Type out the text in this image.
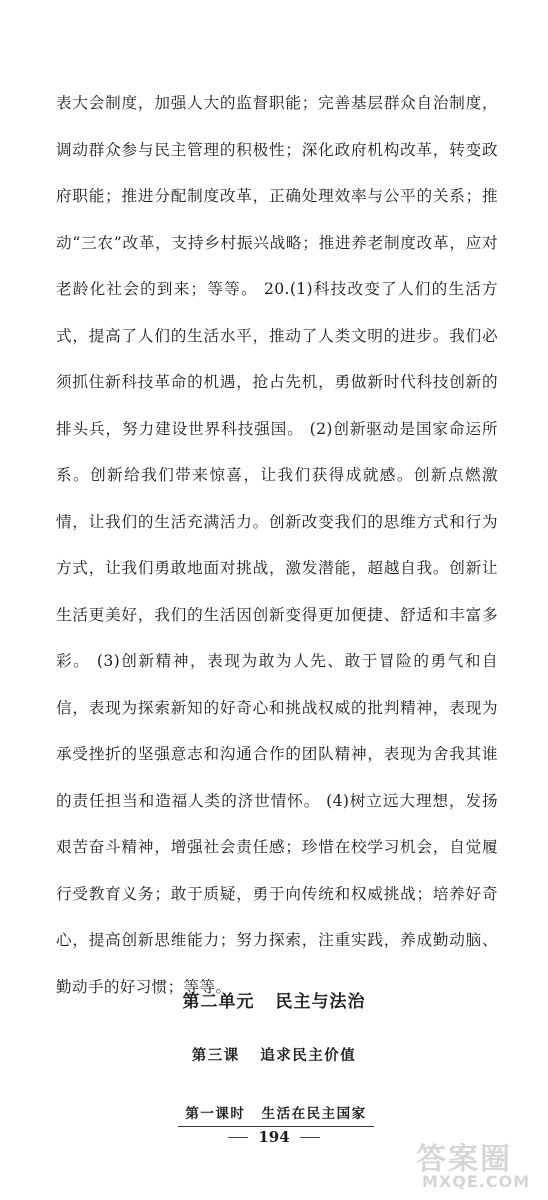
表大会制度，加强人大的监督职能；完善基层群众自治制度，调动群众参与民主管理的积极性；深化政府机构改革，转变政府职能；推进分配制度改革，正确处理效率与公平的关系；推动“三农”改革，支持乡村振兴战略；推进养老制度改革，应对老龄化社会的到来；等等。 20.(1)科技改变了人们的生活方式，提高了人们的生活水平，推动了人类文明的进步。我们必须抓住新科技革命的机遇，抢占先机，勇做新时代科技创新的排头兵，努力建设世界科技强国。 (2)创新驱动是国家命运所系。创新给我们带来惊喜，让我们获得成就感。创新点燃激情，让我们的生活充满活力。创新改变我们的思维方式和行为方式，让我们勇敢地面对挑战，激发潜能，超越自我。创新让生活更美好，我们的生活因创新变得更加便捷、舒适和丰富多彩。 (3)创新精神，表现为敢为人先、敢于冒险的勇气和自信，表现为探索新知的好奇心和挑战权威的批判精神，表现为承受挫折的坚强意志和沟通合作的团队精神，表现为舍我其谁的责任担当和造福人类的济世情怀。 (4)树立远大理想，发扬艰苦奋斗精神，增强社会责任感；珍惜在校学习机会，自觉履行受教育义务；敢于质疑，勇于向传统和权威挑战；培养好奇心，提高创新思维能力；努力探索，注重实践，养成勤动脑、勤动手的好习惯；等等。

第二单元 民主与法治
第三课 追求民主价值
第一课时 生活在民主国家
194
答案圈
MXQE.COM
